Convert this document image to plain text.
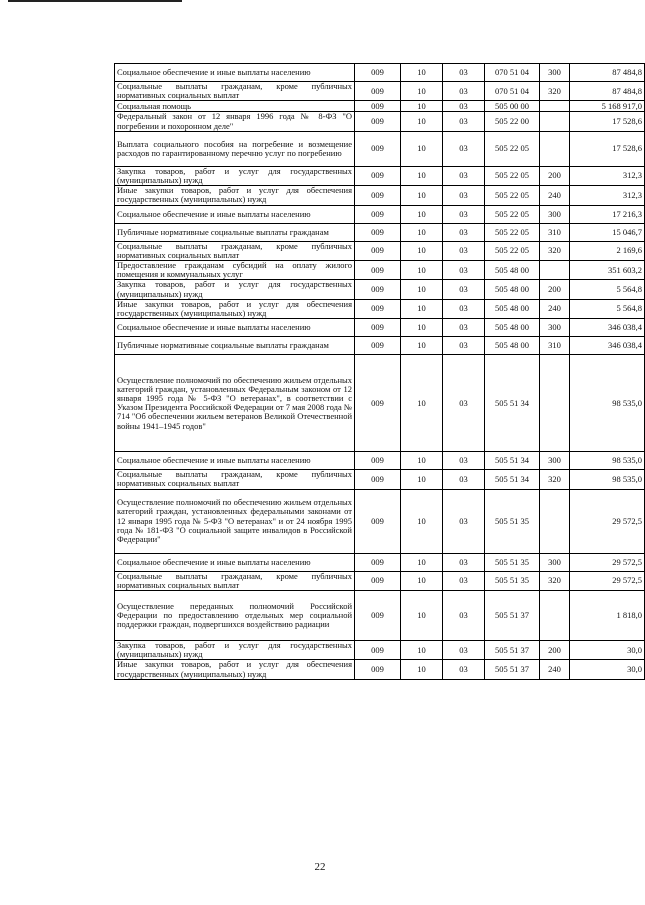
Социальное обеспечение и иные выплаты населению	009	10	03	070 51 04	300	87 484,8
Социальные выплаты гражданам, кроме публичных нормативных социальных выплат	009	10	03	070 51 04	320	87 484,8
Социальная помощь	009	10	03	505 00 00		5 168 917,0
Федеральный закон от 12 января 1996 года № 8-ФЗ "О погребении и похоронном деле"	009	10	03	505 22 00		17 528,6
Выплата социального пособия на погребение и возмещение расходов по гарантированному перечню услуг по погребению	009	10	03	505 22 05		17 528,6
Закупка товаров, работ и услуг для государственных (муниципальных) нужд	009	10	03	505 22 05	200	312,3
Иные закупки товаров, работ и услуг для обеспечения государственных (муниципальных) нужд	009	10	03	505 22 05	240	312,3
Социальное обеспечение и иные выплаты населению	009	10	03	505 22 05	300	17 216,3
Публичные нормативные социальные выплаты гражданам	009	10	03	505 22 05	310	15 046,7
Социальные выплаты гражданам, кроме публичных нормативных социальных выплат	009	10	03	505 22 05	320	2 169,6
Предоставление гражданам субсидий на оплату жилого помещения и коммунальных услуг	009	10	03	505 48 00		351 603,2
Закупка товаров, работ и услуг для государственных (муниципальных) нужд	009	10	03	505 48 00	200	5 564,8
Иные закупки товаров, работ и услуг для обеспечения государственных (муниципальных) нужд	009	10	03	505 48 00	240	5 564,8
Социальное обеспечение и иные выплаты населению	009	10	03	505 48 00	300	346 038,4
Публичные нормативные социальные выплаты гражданам	009	10	03	505 48 00	310	346 038,4
Осуществление полномочий по обеспечению жильем отдельных категорий граждан, установленных Федеральным законом от 12 января 1995 года № 5-ФЗ "О ветеранах", в соответствии с Указом Президента Российской Федерации от 7 мая 2008 года № 714 "Об обеспечении жильем ветеранов Великой Отечественной войны 1941–1945 годов"	009	10	03	505 51 34		98 535,0
Социальное обеспечение и иные выплаты населению	009	10	03	505 51 34	300	98 535,0
Социальные выплаты гражданам, кроме публичных нормативных социальных выплат	009	10	03	505 51 34	320	98 535,0
Осуществление полномочий по обеспечению жильем отдельных категорий граждан, установленных федеральными законами от 12 января 1995 года № 5-ФЗ "О ветеранах" и от 24 ноября 1995 года № 181-ФЗ "О социальной защите инвалидов в Российской Федерации"	009	10	03	505 51 35		29 572,5
Социальное обеспечение и иные выплаты населению	009	10	03	505 51 35	300	29 572,5
Социальные выплаты гражданам, кроме публичных нормативных социальных выплат	009	10	03	505 51 35	320	29 572,5
Осуществление переданных полномочий Российской Федерации по предоставлению отдельных мер социальной поддержки граждан, подвергшихся воздействию радиации	009	10	03	505 51 37		1 818,0
Закупка товаров, работ и услуг для государственных (муниципальных) нужд	009	10	03	505 51 37	200	30,0
Иные закупки товаров, работ и услуг для обеспечения государственных (муниципальных) нужд	009	10	03	505 51 37	240	30,0
22
